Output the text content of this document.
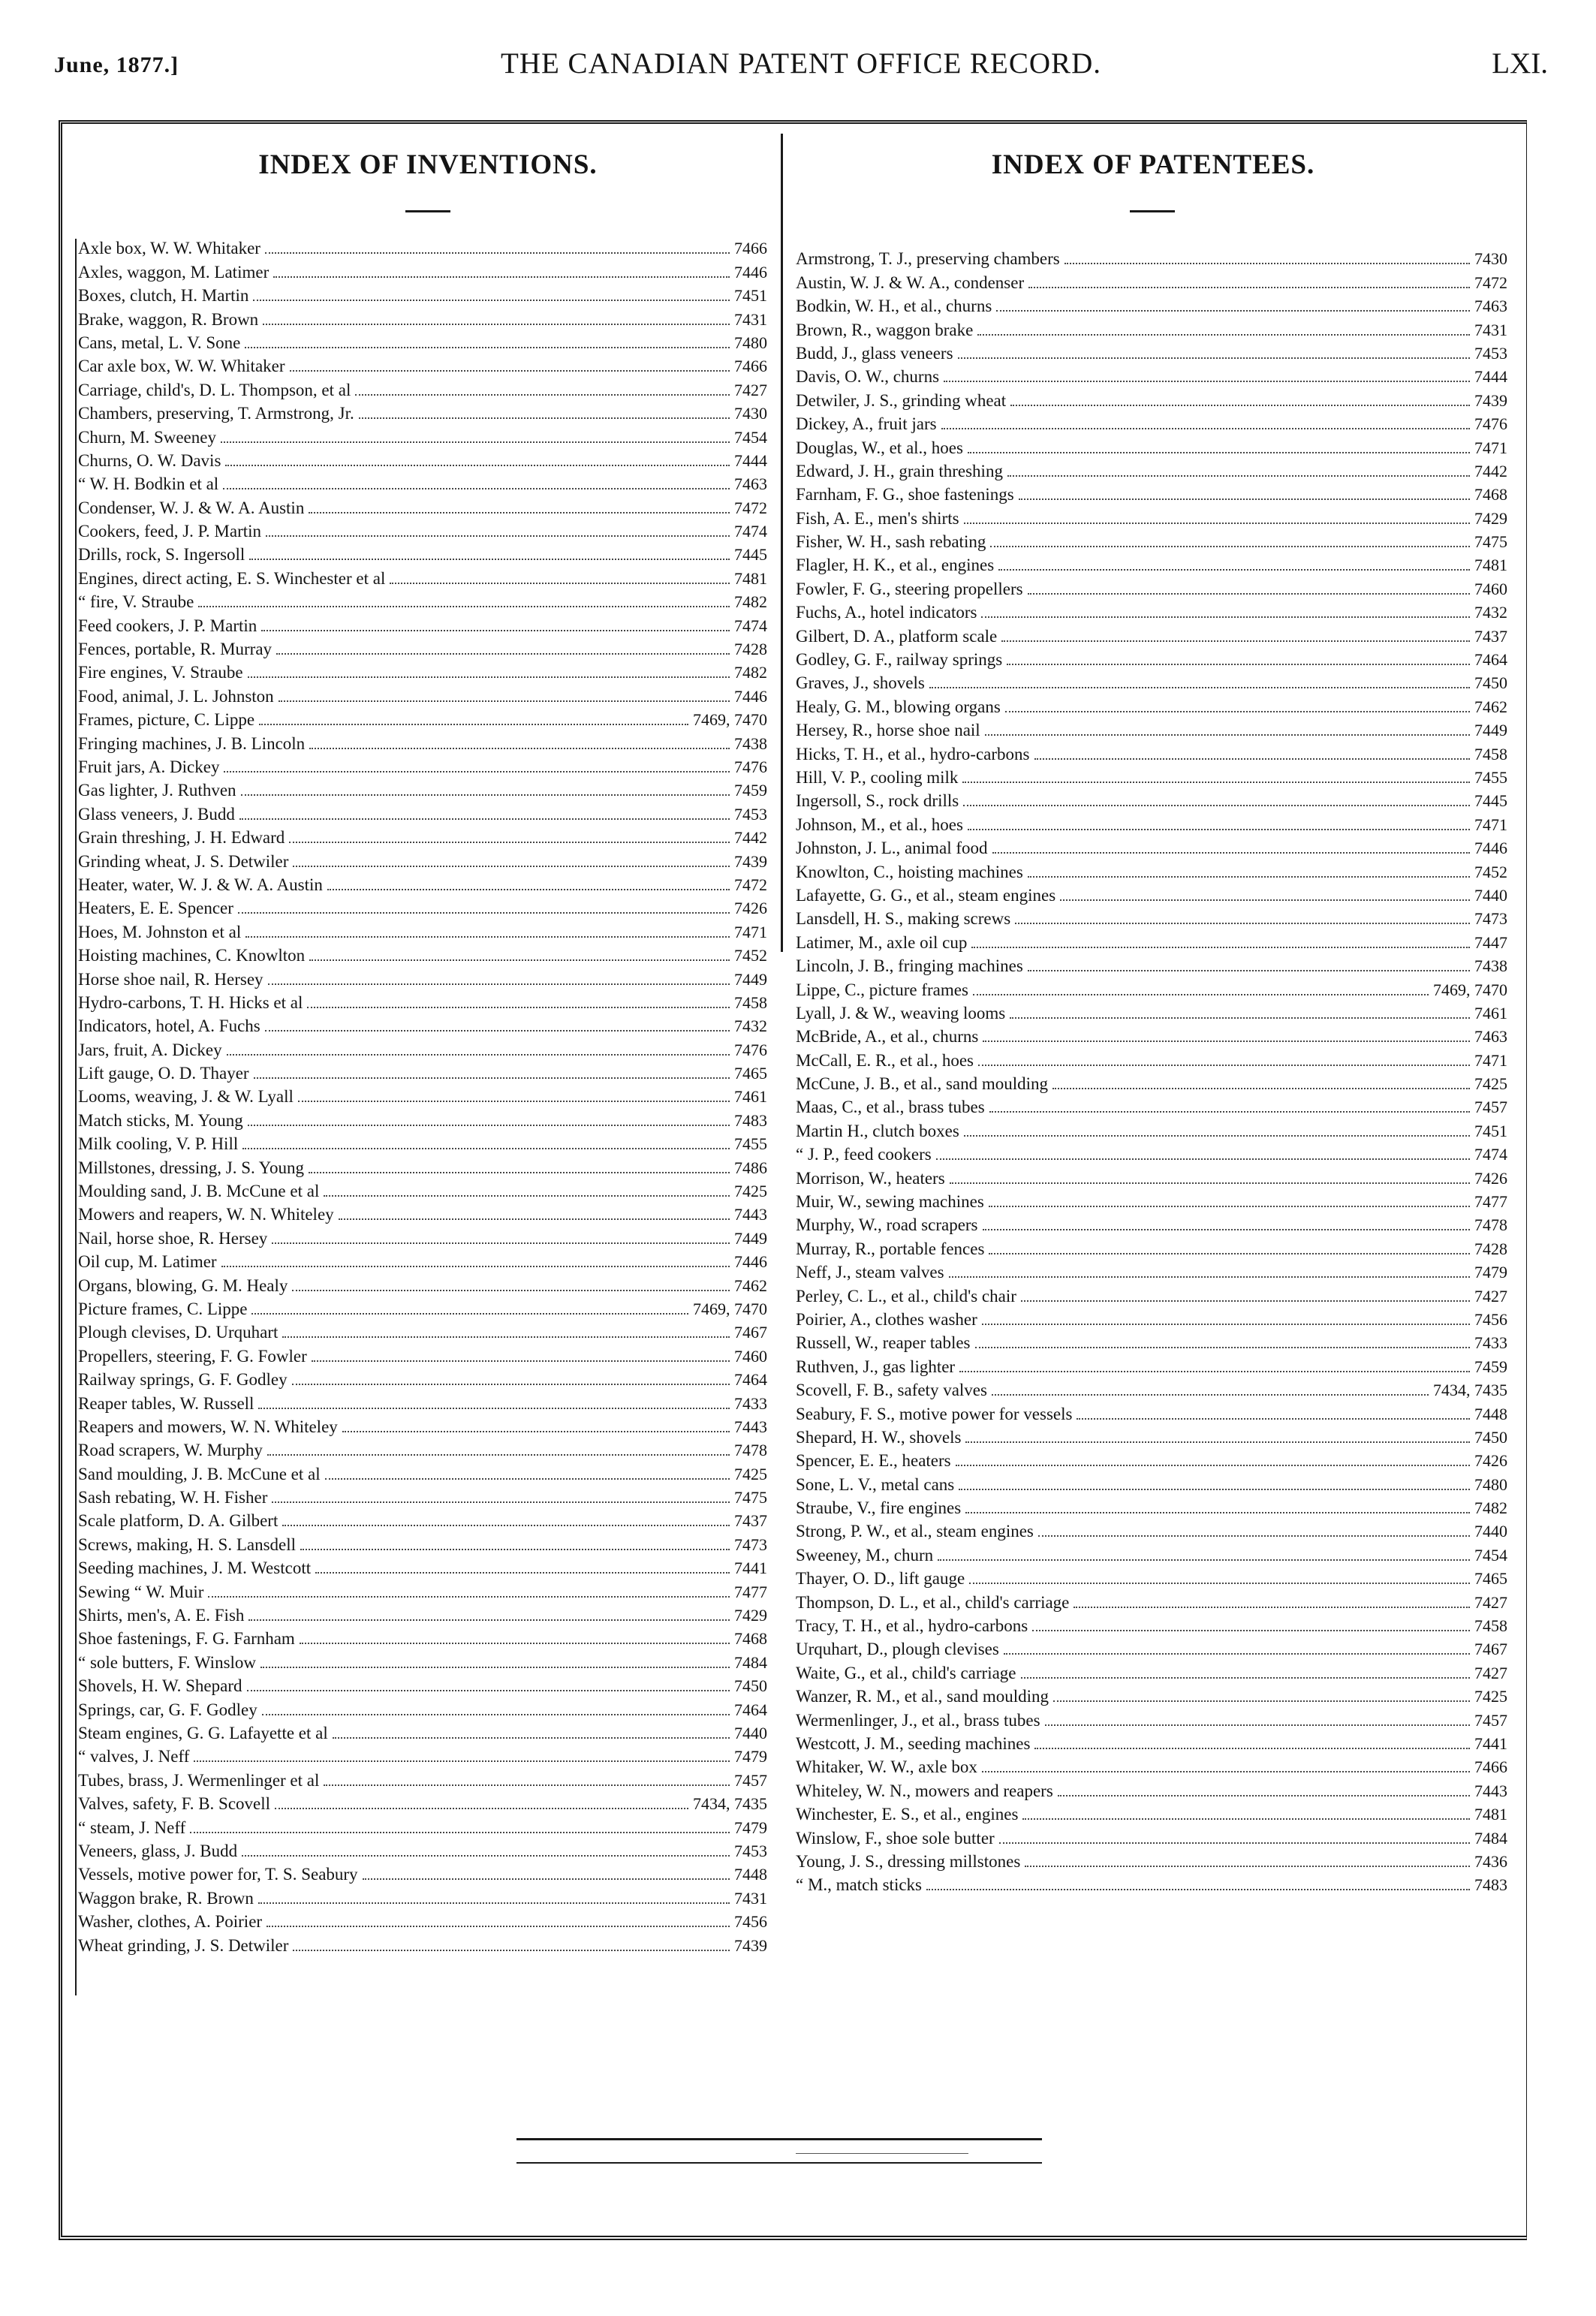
June, 1877.]	THE CANADIAN PATENT OFFICE RECORD.	LXI.
INDEX OF INVENTIONS.	INDEX OF PATENTEES.
Axle box, W. W. Whitaker	7466
Axles, waggon, M. Latimer	7446
Boxes, clutch, H. Martin	7451
Brake, waggon, R. Brown	7431
Cans, metal, L. V. Sone	7480
Car axle box, W. W. Whitaker	7466
Carriage, child's, D. L. Thompson, et al	7427
Chambers, preserving, T. Armstrong, Jr.	7430
Churn, M. Sweeney	7454
Churns, O. W. Davis	7444
“ W. H. Bodkin et al	7463
Condenser, W. J. & W. A. Austin	7472
Cookers, feed, J. P. Martin	7474
Drills, rock, S. Ingersoll	7445
Engines, direct acting, E. S. Winchester et al	7481
“ fire, V. Straube	7482
Feed cookers, J. P. Martin	7474
Fences, portable, R. Murray	7428
Fire engines, V. Straube	7482
Food, animal, J. L. Johnston	7446
Frames, picture, C. Lippe	7469, 7470
Fringing machines, J. B. Lincoln	7438
Fruit jars, A. Dickey	7476
Gas lighter, J. Ruthven	7459
Glass veneers, J. Budd	7453
Grain threshing, J. H. Edward	7442
Grinding wheat, J. S. Detwiler	7439
Heater, water, W. J. & W. A. Austin	7472
Heaters, E. E. Spencer	7426
Hoes, M. Johnston et al	7471
Hoisting machines, C. Knowlton	7452
Horse shoe nail, R. Hersey	7449
Hydro-carbons, T. H. Hicks et al	7458
Indicators, hotel, A. Fuchs	7432
Jars, fruit, A. Dickey	7476
Lift gauge, O. D. Thayer	7465
Looms, weaving, J. & W. Lyall	7461
Match sticks, M. Young	7483
Milk cooling, V. P. Hill	7455
Millstones, dressing, J. S. Young	7486
Moulding sand, J. B. McCune et al	7425
Mowers and reapers, W. N. Whiteley	7443
Nail, horse shoe, R. Hersey	7449
Oil cup, M. Latimer	7446
Organs, blowing, G. M. Healy	7462
Picture frames, C. Lippe	7469, 7470
Plough clevises, D. Urquhart	7467
Propellers, steering, F. G. Fowler	7460
Railway springs, G. F. Godley	7464
Reaper tables, W. Russell	7433
Reapers and mowers, W. N. Whiteley	7443
Road scrapers, W. Murphy	7478
Sand moulding, J. B. McCune et al	7425
Sash rebating, W. H. Fisher	7475
Scale platform, D. A. Gilbert	7437
Screws, making, H. S. Lansdell	7473
Seeding machines, J. M. Westcott	7441
Sewing “ W. Muir	7477
Shirts, men's, A. E. Fish	7429
Shoe fastenings, F. G. Farnham	7468
“ sole butters, F. Winslow	7484
Shovels, H. W. Shepard	7450
Springs, car, G. F. Godley	7464
Steam engines, G. G. Lafayette et al	7440
“ valves, J. Neff	7479
Tubes, brass, J. Wermenlinger et al	7457
Valves, safety, F. B. Scovell	7434, 7435
“ steam, J. Neff	7479
Veneers, glass, J. Budd	7453
Vessels, motive power for, T. S. Seabury	7448
Waggon brake, R. Brown	7431
Washer, clothes, A. Poirier	7456
Wheat grinding, J. S. Detwiler	7439
Armstrong, T. J., preserving chambers	7430
Austin, W. J. & W. A., condenser	7472
Bodkin, W. H., et al., churns	7463
Brown, R., waggon brake	7431
Budd, J., glass veneers	7453
Davis, O. W., churns	7444
Detwiler, J. S., grinding wheat	7439
Dickey, A., fruit jars	7476
Douglas, W., et al., hoes	7471
Edward, J. H., grain threshing	7442
Farnham, F. G., shoe fastenings	7468
Fish, A. E., men's shirts	7429
Fisher, W. H., sash rebating	7475
Flagler, H. K., et al., engines	7481
Fowler, F. G., steering propellers	7460
Fuchs, A., hotel indicators	7432
Gilbert, D. A., platform scale	7437
Godley, G. F., railway springs	7464
Graves, J., shovels	7450
Healy, G. M., blowing organs	7462
Hersey, R., horse shoe nail	7449
Hicks, T. H., et al., hydro-carbons	7458
Hill, V. P., cooling milk	7455
Ingersoll, S., rock drills	7445
Johnson, M., et al., hoes	7471
Johnston, J. L., animal food	7446
Knowlton, C., hoisting machines	7452
Lafayette, G. G., et al., steam engines	7440
Lansdell, H. S., making screws	7473
Latimer, M., axle oil cup	7447
Lincoln, J. B., fringing machines	7438
Lippe, C., picture frames	7469, 7470
Lyall, J. & W., weaving looms	7461
McBride, A., et al., churns	7463
McCall, E. R., et al., hoes	7471
McCune, J. B., et al., sand moulding	7425
Maas, C., et al., brass tubes	7457
Martin H., clutch boxes	7451
“ J. P., feed cookers	7474
Morrison, W., heaters	7426
Muir, W., sewing machines	7477
Murphy, W., road scrapers	7478
Murray, R., portable fences	7428
Neff, J., steam valves	7479
Perley, C. L., et al., child's chair	7427
Poirier, A., clothes washer	7456
Russell, W., reaper tables	7433
Ruthven, J., gas lighter	7459
Scovell, F. B., safety valves	7434, 7435
Seabury, F. S., motive power for vessels	7448
Shepard, H. W., shovels	7450
Spencer, E. E., heaters	7426
Sone, L. V., metal cans	7480
Straube, V., fire engines	7482
Strong, P. W., et al., steam engines	7440
Sweeney, M., churn	7454
Thayer, O. D., lift gauge	7465
Thompson, D. L., et al., child's carriage	7427
Tracy, T. H., et al., hydro-carbons	7458
Urquhart, D., plough clevises	7467
Waite, G., et al., child's carriage	7427
Wanzer, R. M., et al., sand moulding	7425
Wermenlinger, J., et al., brass tubes	7457
Westcott, J. M., seeding machines	7441
Whitaker, W. W., axle box	7466
Whiteley, W. N., mowers and reapers	7443
Winchester, E. S., et al., engines	7481
Winslow, F., shoe sole butter	7484
Young, J. S., dressing millstones	7436
“ M., match sticks	7483
